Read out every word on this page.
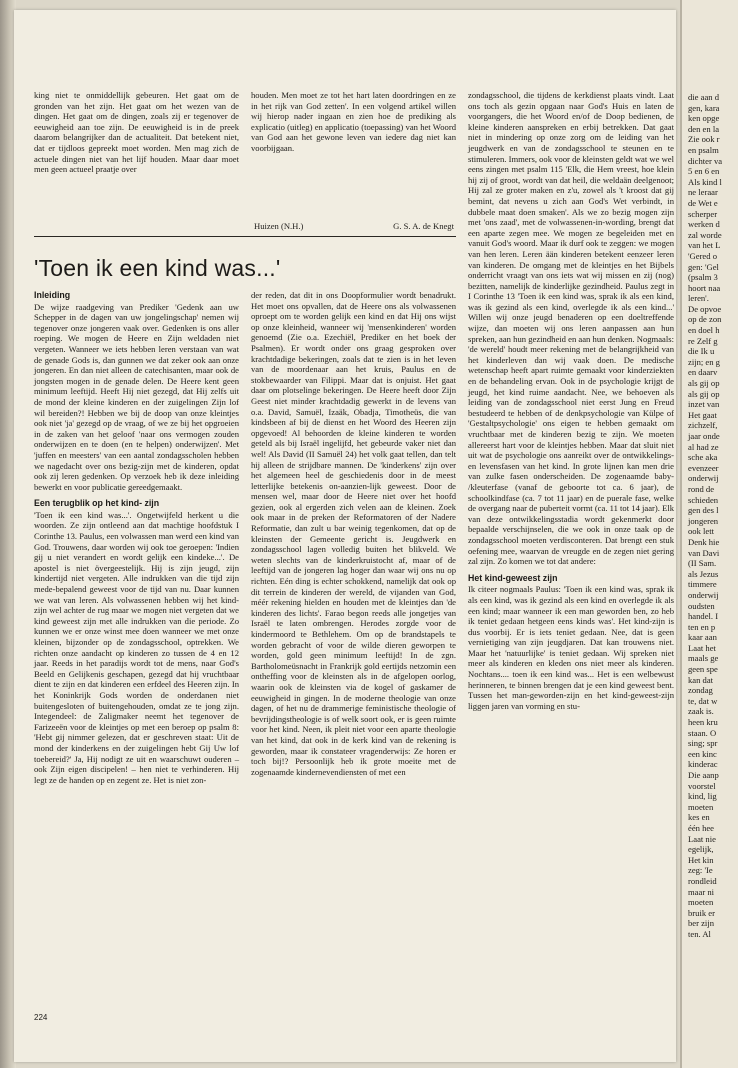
king niet te onmiddellijk gebeuren. Het gaat om de gronden van het zijn. Het gaat om het wezen van de dingen. Het gaat om de dingen, zoals zij er tegenover de eeuwigheid aan toe zijn. De eeuwigheid is in de preek daarom belangrijker dan de actualiteit. Dat betekent niet, dat er tijdloos gepreekt moet worden. Men mag zich de actuele dingen niet van het lijf houden. Maar daar moet men geen actueel praatje over

houden. Men moet ze tot het hart laten doordringen en ze in het rijk van God zetten'. In een volgend artikel willen wij hierop nader ingaan en zien hoe de prediking als explicatio (uitleg) en applicatio (toepassing) van het Woord van God aan het gewone leven van iedere dag niet kan voorbijgaan.

Huizen (N.H.)	G. S. A. de Knegt
'Toen ik een kind was...'
Inleiding

De wijze raadgeving van Prediker 'Gedenk aan uw Schepper in de dagen van uw jongelingschap' nemen wij tegenover onze jongeren vaak over. Gedenken is ons aller roeping. We mogen de Heere en Zijn weldaden niet vergeten. Wanneer we iets hebben leren verstaan van wat de genade Gods is, dan gunnen we dat zeker ook aan onze jongeren. En dan niet alleen de catechisanten, maar ook de jongsten mogen in de genade delen. De Heere kent geen minimum leeftijd. Heeft Hij niet gezegd, dat Hij zelfs uit de mond der kleine kinderen en der zuigelingen Zijn lof wil bereiden?! Hebben we bij de doop van onze kleintjes ook niet 'ja' gezegd op de vraag, of we ze bij het opgroeien in de zaken van het geloof 'naar ons vermogen zouden onderwijzen en te doen (en te helpen) onderwijzen'. Met 'juffen en meesters' van een aantal zondagsscholen hebben we nagedacht over ons bezig-zijn met de kinderen, opdat ook zij leren gedenken. Op verzoek heb ik deze inleiding bewerkt en voor publicatie gereedgemaakt.

Een terugblik op het kind- zijn

'Toen ik een kind was...'. Ongetwijfeld herkent u die woorden. Ze zijn ontleend aan dat machtige hoofdstuk I Corinthe 13. Paulus, een volwassen man werd een kind van God. Trouwens, daar worden wij ook toe geroepen: 'Indien gij u niet verandert en wordt gelijk een kindeke...'. De apostel is niet övergeestelijk. Hij is zijn jeugd, zijn kindertijd niet vergeten. Alle indrukken van die tijd zijn mede-bepalend geweest voor de tijd van nu. Daar kunnen we wat van leren. Als volwassenen hebben wij het kind-zijn wel achter de rug maar we mogen niet vergeten dat we kind geweest zijn met alle indrukken van die periode. Zo kunnen we er onze winst mee doen wanneer we met onze kleinen, bijzonder op de zondagsschool, optrekken. We richten onze aandacht op kinderen zo tussen de 4 en 12 jaar. Reeds in het paradijs wordt tot de mens, naar God's Beeld en Gelijkenis geschapen, gezegd dat hij vruchtbaar dient te zijn en dat kinderen een erfdeel des Heeren zijn. In het Koninkrijk Gods worden de onderdanen niet buitengesloten of buitengehouden, omdat ze te jong zijn. Integendeel: de Zaligmaker neemt het tegenover de Farizeeën voor de kleintjes op met een beroep op psalm 8: 'Hebt gij nimmer gelezen, dat er geschreven staat: Uit de mond der kinderkens en der zuigelingen hebt Gij Uw lof toebereid?' Ja, Hij nodigt ze uit en waarschuwt ouderen – ook Zijn eigen discipelen! – hen niet te verhinderen. Hij legt ze de handen op en zegent ze. Het is niet zon-

der reden, dat dit in ons Doopformulier wordt benadrukt. Het moet ons opvallen, dat de Heere ons als volwassenen oproept om te worden gelijk een kind en dat Hij ons wijst op onze kleinheid, wanneer wij 'mensenkinderen' worden genoemd (Zie o.a. Ezechiël, Prediker en het boek der Psalmen). Er wordt onder ons graag gesproken over krachtdadige bekeringen, zoals dat te zien is in het leven van de moordenaar aan het kruis, Paulus en de stokbewaarder van Filippi. Maar dat is onjuist. Het gaat daar om plotselinge bekeringen. De Heere heeft door Zijn Geest niet minder krachtdadig gewerkt in de levens van o.a. David, Samuël, Izaäk, Obadja, Timotheüs, die van kindsbeen af bij de dienst en het Woord des Heeren zijn opgevoed! Al behoorden de kleine kinderen te worden geteld als bij Israël ingelijfd, het gebeurde vaker niet dan wel! Als David (II Samuël 24) het volk gaat tellen, dan telt hij alleen de strijdbare mannen. De 'kinderkens' zijn over het algemeen heel de geschiedenis door in de meest letterlijke betekenis on-aanzien-lijk geweest. Door de mensen wel, maar door de Heere niet over het hoofd gezien, ook al ergerden zich velen aan de kleinen. Zoek ook maar in de preken der Reformatoren of der Nadere Reformatie, dan zult u bar weinig tegenkomen, dat op de kleinsten der Gemeente gericht is. Jeugdwerk en zondagsschool lagen volledig buiten het blikveld. We weten slechts van de kinderkruistocht af, maar of de leeftijd van de jongeren lag hoger dan waar wij ons nu op richten. Eén ding is echter schokkend, namelijk dat ook op dit terrein de kinderen der wereld, de vijanden van God, méér rekening hielden en houden met de kleintjes dan 'de kinderen des lichts'. Farao begon reeds alle jongetjes van Israël te laten ombrengen. Herodes zorgde voor de kindermoord te Bethlehem. Om op de brandstapels te worden gebracht of voor de wilde dieren geworpen te worden, gold geen minimum leeftijd! In de zgn. Bartholomeüsnacht in Frankrijk gold eertijds netzomin een ontheffing voor de kleinsten als in de afgelopen oorlog, waarin ook de kleinsten via de kogel of gaskamer de eeuwigheid in gingen. In de moderne theologie van onze dagen, of het nu de drammerige feministische theologie of bevrijdingstheologie is of welk soort ook, er is geen ruimte voor het kind. Neen, ik pleit niet voor een aparte theologie van het kind, dat ook in de kerk kind van de rekening is geworden, maar ik constateer vragenderwijs: Ze horen er toch bij!? Persoonlijk heb ik grote moeite met de zogenaamde kindernevendiensten of met een

zondagsschool, die tijdens de kerkdienst plaats vindt. Laat ons toch als gezin opgaan naar God's Huis en laten de voorgangers, die het Woord en/of de Doop bedienen, de kleine kinderen aanspreken en erbij betrekken. Dat gaat niet in mindering op onze zorg om de leiding van het jeugdwerk en van de zondagsschool te steunen en te stimuleren. Immers, ook voor de kleinsten geldt wat we wel eens zingen met psalm 115 'Elk, die Hem vreest, hoe klein hij zij of groot, wordt van dat heil, die weldaän deelgenoot; Hij zal ze groter maken en z'u, zowel als 't kroost dat gij bemint, dat nevens u zich aan God's Wet verbindt, in dubbele maat doen smaken'. Als we zo bezig mogen zijn met 'ons zaad', met de volwassenen-in-wording, brengt dat een aparte zegen mee. We mogen ze begeleiden met en vanuit God's woord. Maar ik durf ook te zeggen: we mogen van hen leren. Leren ään kinderen betekent eenzeer leren van kinderen. De omgang met de kleintjes en het Bijbels onderricht vraagt van ons iets wat wij missen en zij (nog) bezitten, namelijk de kinderlijke gezindheid. Paulus zegt in I Corinthe 13 'Toen ik een kind was, sprak ik als een kind, was ik gezind als een kind, overlegde ik als een kind...' Willen wij onze jeugd benaderen op een doeltreffende wijze, dan moeten wij ons leren aanpassen aan hun spreken, aan hun gezindheid en aan hun denken. Nogmaals: 'de wereld' houdt meer rekening met de belangrijkheid van het kinderleven dan wij vaak doen. De medische wetenschap heeft apart ruimte gemaakt voor kinderziekten en de behandeling ervan. Ook in de psychologie krijgt de jeugd, het kind ruime aandacht. Nee, we behoeven als leiding van de zondagsschool niet eerst Jung en Freud bestudeerd te hebben of de denkpsychologie van Külpe of 'Gestaltpsychologie' ons eigen te hebben gemaakt om vruchtbaar met de kinderen bezig te zijn. We moeten allereerst hart voor de kleintjes hebben. Maar dat sluit niet uit wat de psychologie ons aanreikt over de ontwikkelings- en levensfasen van het kind. In grote lijnen kan men drie van zulke fasen onderscheiden. De zogenaamde baby- /kleuterfase (vanaf de geboorte tot ca. 6 jaar), de schoolkindfase (ca. 7 tot 11 jaar) en de puerale fase, welke de overgang naar de puberteit vormt (ca. 11 tot 14 jaar). Elk van deze ontwikkelingsstadia wordt gekenmerkt door bepaalde verschijnselen, die we ook in onze taak op de zondagsschool moeten verdisconteren. Dat brengt een stuk oefening mee, waarvan de vreugde en de zegen niet gering zal zijn. Zo komen we tot dat andere:

Het kind-geweest zijn

Ik citeer nogmaals Paulus: 'Toen ik een kind was, sprak ik als een kind, was ik gezind als een kind en overlegde ik als een kind; maar wanneer ik een man geworden ben, zo heb ik teniet gedaan hetgeen eens kinds was'. Het kind-zijn is dus voorbij. Er is iets teniet gedaan. Nee, dat is geen vernietiging van zijn jeugdjaren. Dat kan trouwens niet. Maar het 'natuurlijke' is teniet gedaan. Wij spreken niet meer als kinderen en kleden ons niet meer als kinderen. Nochtans.... toen ik een kind was... Het is een welbewust herinneren, te binnen brengen dat je een kind geweest bent. Tussen het man-geworden-zijn en het kind-geweest-zijn liggen jaren van vorming en stu-

224
die aan d
gen, kara
ken opge
den en la
Zie ook r
en psalm
dichter va
5 en 6 en
Als kind l
ne leraar
de Wet e
scherper
werken d
zal worde
van het L
'Gered o
gen: 'Gel
(psalm 3
hoort naa
leren'.
De opvoe
op de zon
en doel h
re Zelf g
die Ik u
zijn; en g
en daarv
als gij op
als gij op
inzet van
Het gaat
zichzelf,
jaar onde
al had ze
sche aka
evenzeer
onderwij
rond de
schieden
gen des l
jongeren
ook lett
Denk hie
van Davi
(II Sam.
als Jezus
timmere
onderwij
oudsten
handel. I
ten en p
kaar aan
Laat het
maals ge
geen spe
kan dat
zondag
te, dat w
zaak is.
heen kru
staan. O
sing; spr
een kinc
kinderac
Die aanp
voorstel
kind, lig
moeten
kes en
één hee
Laat nie
egelijk,
Het kin
zeg: 'Ie
rondleid
maar ni
moeten
bruik er
ber zijn
ten. Al
